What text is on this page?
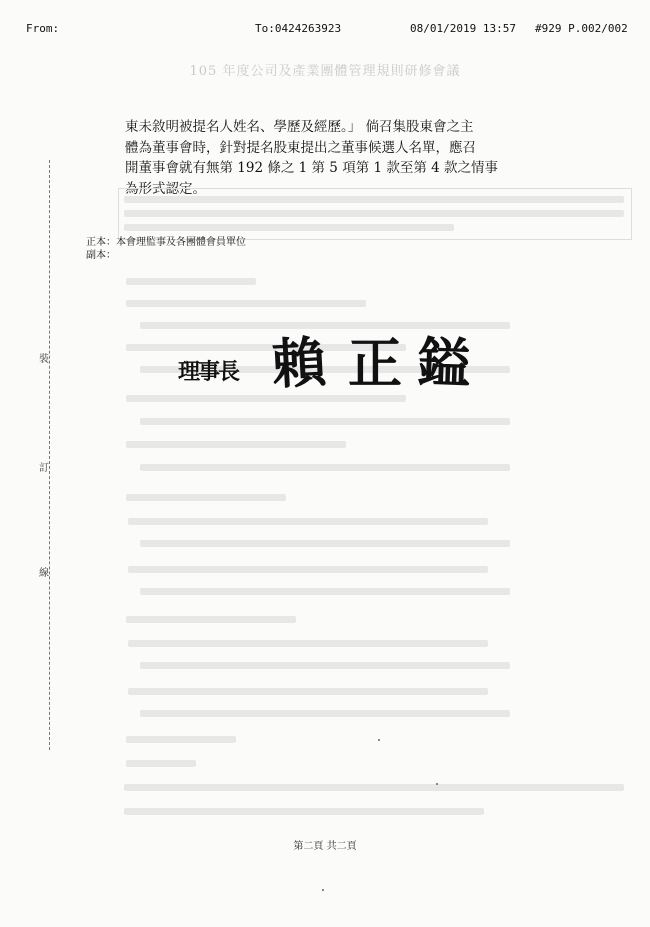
From:	To:0424263923	08/01/2019 13:57 #929 P.002/002
105 年度公司及產業團體管理規則研修會議
東未敘明被提名人姓名、學歷及經歷。」 倘召集股東會之主
體為董事會時，針對提名股東提出之董事候選人名單，應召
開董事會就有無第 192 條之 1 第 5 項第 1 款至第 4 款之情事
為形式認定。
正本：本會理監事及各團體會員單位
副本：
裝
訂
線
理事長 賴 正 鎰
第二頁 共二頁
